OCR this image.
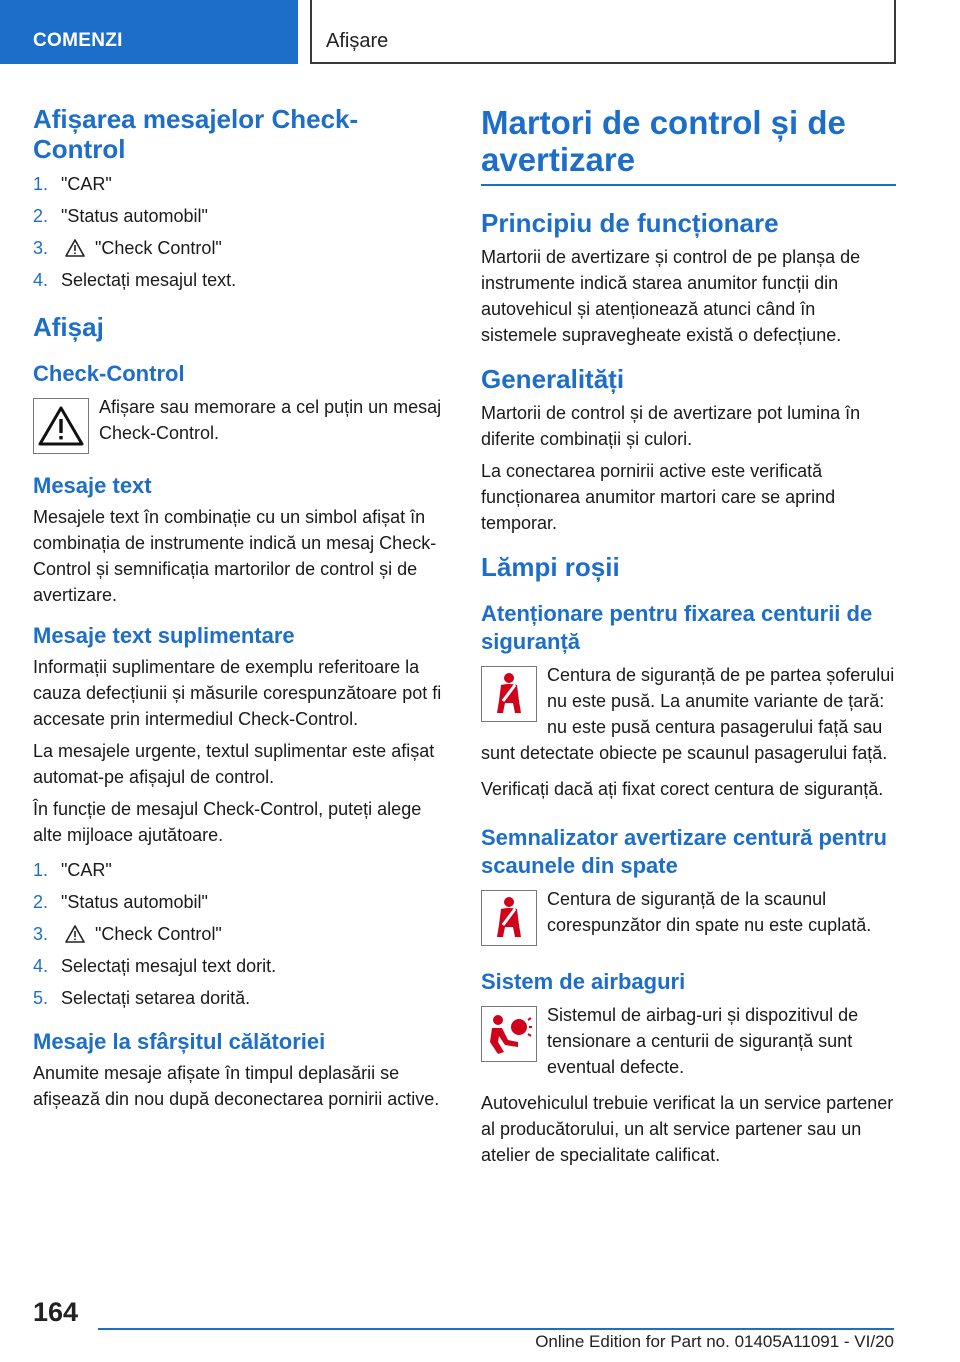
COMENZI	Afișare
Afișarea mesajelor Check-Control
1. "CAR"
2. "Status automobil"
3.	"Check Control"
4. Selectați mesajul text.
Afișaj
Check-Control

Afișare sau memorare a cel puțin un mesaj Check-Control.

Mesaje text

Mesajele text în combinație cu un simbol afișat în combinația de instrumente indică un mesaj Check-Control și semnificația martorilor de control și de avertizare.

Mesaje text suplimentare

Informații suplimentare de exemplu referitoare la cauza defecțiunii și măsurile corespunzătoare pot fi accesate prin intermediul Check-Control.

La mesajele urgente, textul suplimentar este afișat automat-pe afișajul de control.

În funcție de mesajul Check-Control, puteți alege alte mijloace ajutătoare.

1. "CAR"
2. "Status automobil"
3.	"Check Control"
4. Selectați mesajul text dorit.
5. Selectați setarea dorită.
Mesaje la sfârșitul călătoriei

Anumite mesaje afișate în timpul deplasării se afișează din nou după deconectarea pornirii active.

Martori de control și de avertizare
Principiu de funcționare

Martorii de avertizare și control de pe planșa de instrumente indică starea anumitor funcții din autovehicul și atenționează atunci când în sistemele supravegheate există o defecțiune.

Generalități

Martorii de control și de avertizare pot lumina în diferite combinații și culori.

La conectarea pornirii active este verificată funcționarea anumitor martori care se aprind temporar.

Lămpi roșii
Atenționare pentru fixarea centurii de siguranță

Centura de siguranță de pe partea șoferului nu este pusă. La anumite variante de țară: nu este pusă centura pasagerului față sau sunt detectate obiecte pe scaunul pasagerului față.

Verificați dacă ați fixat corect centura de siguranță.

Semnalizator avertizare centură pentru scaunele din spate

Centura de siguranță de la scaunul corespunzător din spate nu este cuplată.

Sistem de airbaguri

Sistemul de airbag-uri și dispozitivul de tensionare a centurii de siguranță sunt eventual defecte.

Autovehiculul trebuie verificat la un service partener al producătorului, un alt service partener sau un atelier de specialitate calificat.

164
Online Edition for Part no. 01405A11091 - VI/20
